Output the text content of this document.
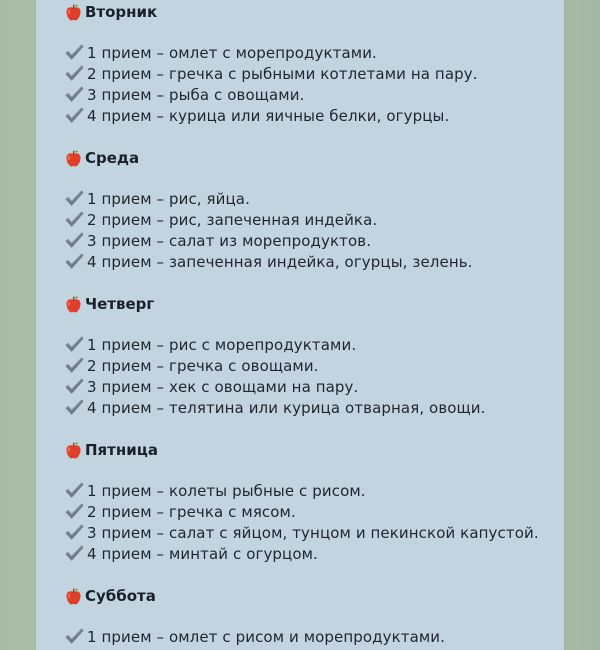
Вторник
1 прием – омлет с морепродуктами.
2 прием – гречка с рыбными котлетами на пару.
3 прием – рыба с овощами.
4 прием – курица или яичные белки, огурцы.
Среда
1 прием – рис, яйца.
2 прием – рис, запеченная индейка.
3 прием – салат из морепродуктов.
4 прием – запеченная индейка, огурцы, зелень.
Четверг
1 прием – рис с морепродуктами.
2 прием – гречка с овощами.
3 прием – хек с овощами на пару.
4 прием – телятина или курица отварная, овощи.
Пятница
1 прием – колеты рыбные с рисом.
2 прием – гречка с мясом.
3 прием – салат с яйцом, тунцом и пекинской капустой.
4 прием – минтай с огурцом.
Суббота
1 прием – омлет с рисом и морепродуктами.
